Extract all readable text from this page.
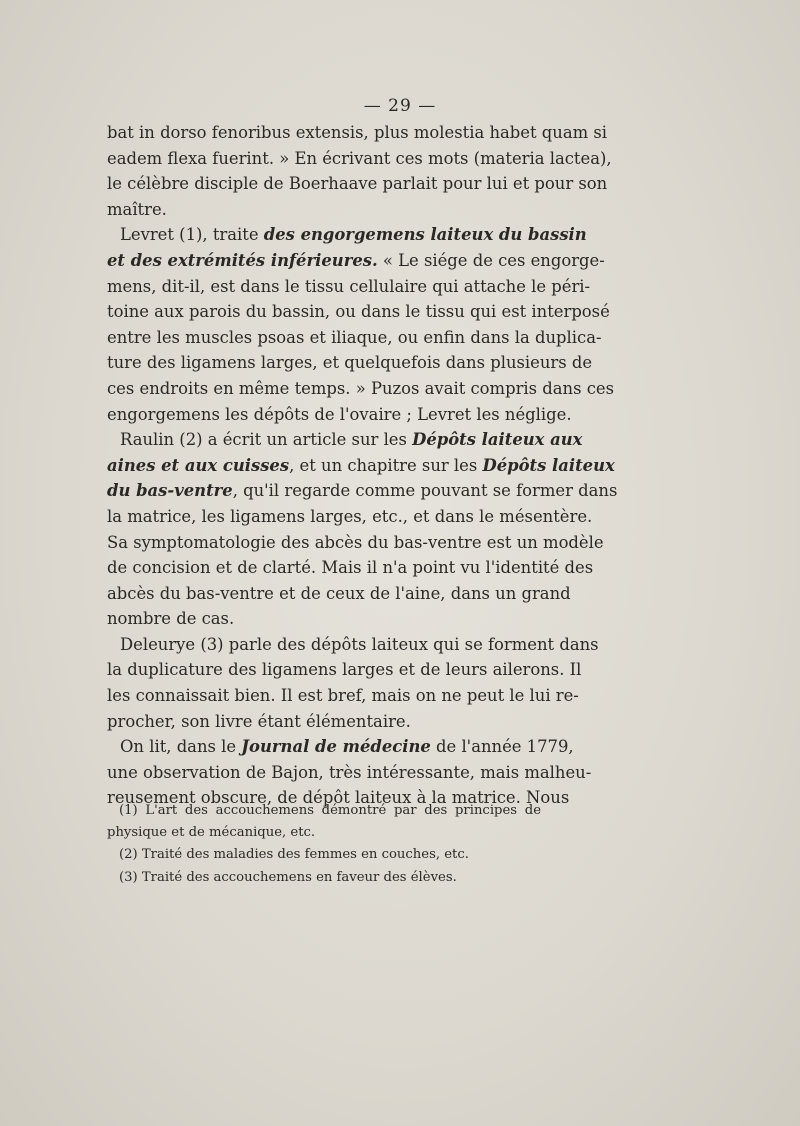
— 29 —
bat in dorso fenoribus extensis, plus molestia habet quam si
eadem flexa fuerint. » En écrivant ces mots (materia lactea),
le célèbre disciple de Boerhaave parlait pour lui et pour son
maître.
Levret (1), traite des engorgemens laiteux du bassin
et des extrémités inférieures. « Le siége de ces engorge-
mens, dit-il, est dans le tissu cellulaire qui attache le péri-
toine aux parois du bassin, ou dans le tissu qui est interposé
entre les muscles psoas et iliaque, ou enfin dans la duplica-
ture des ligamens larges, et quelquefois dans plusieurs de
ces endroits en même temps. » Puzos avait compris dans ces
engorgemens les dépôts de l'ovaire ; Levret les néglige.
Raulin (2) a écrit un article sur les Dépôts laiteux aux
aines et aux cuisses, et un chapitre sur les Dépôts laiteux
du bas-ventre, qu'il regarde comme pouvant se former dans
la matrice, les ligamens larges, etc., et dans le mésentère.
Sa symptomatologie des abcès du bas-ventre est un modèle
de concision et de clarté. Mais il n'a point vu l'identité des
abcès du bas-ventre et de ceux de l'aine, dans un grand
nombre de cas.
Deleurye (3) parle des dépôts laiteux qui se forment dans
la duplicature des ligamens larges et de leurs ailerons. Il
les connaissait bien. Il est bref, mais on ne peut le lui re-
procher, son livre étant élémentaire.
On lit, dans le Journal de médecine de l'année 1779,
une observation de Bajon, très intéressante, mais malheu-
reusement obscure, de dépôt laiteux à la matrice. Nous
(1) L'art des accouchemens démontré par des principes de
physique et de mécanique, etc.
(2) Traité des maladies des femmes en couches, etc.
(3) Traité des accouchemens en faveur des élèves.
